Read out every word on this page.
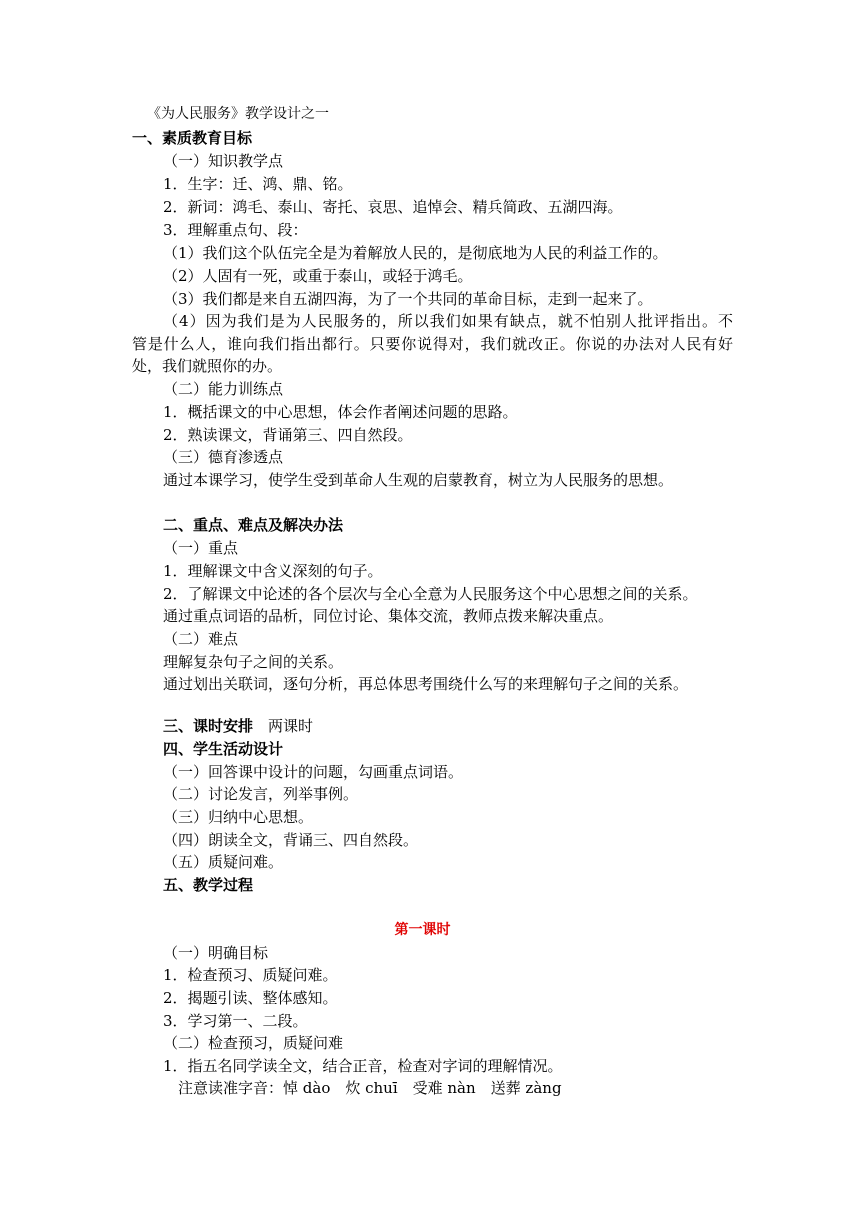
《为人民服务》教学设计之一
一、素质教育目标
（一）知识教学点
1．生字：迁、鸿、鼎、铭。
2．新词：鸿毛、泰山、寄托、哀思、追悼会、精兵简政、五湖四海。
3．理解重点句、段：
（1）我们这个队伍完全是为着解放人民的，是彻底地为人民的利益工作的。
（2）人固有一死，或重于泰山，或轻于鸿毛。
（3）我们都是来自五湖四海，为了一个共同的革命目标，走到一起来了。
（4）因为我们是为人民服务的，所以我们如果有缺点，就不怕别人批评指出。不
管是什么人，谁向我们指出都行。只要你说得对，我们就改正。你说的办法对人民有好
处，我们就照你的办。
（二）能力训练点
1．概括课文的中心思想，体会作者阐述问题的思路。
2．熟读课文，背诵第三、四自然段。
（三）德育渗透点
通过本课学习，使学生受到革命人生观的启蒙教育，树立为人民服务的思想。
二、重点、难点及解决办法
（一）重点
1．理解课文中含义深刻的句子。
2．了解课文中论述的各个层次与全心全意为人民服务这个中心思想之间的关系。
通过重点词语的品析，同位讨论、集体交流，教师点拨来解决重点。
（二）难点
理解复杂句子之间的关系。
通过划出关联词，逐句分析，再总体思考围绕什么写的来理解句子之间的关系。
三、课时安排 两课时
四、学生活动设计
（一）回答课中设计的问题，勾画重点词语。
（二）讨论发言，列举事例。
（三）归纳中心思想。
（四）朗读全文，背诵三、四自然段。
（五）质疑问难。
五、教学过程
第一课时
（一）明确目标
1．检查预习、质疑问难。
2．揭题引读、整体感知。
3．学习第一、二段。
（二）检查预习，质疑问难
1．指五名同学读全文，结合正音，检查对字词的理解情况。
注意读准字音：悼 dào　炊 chuī　受难 nàn　送葬 zàng
